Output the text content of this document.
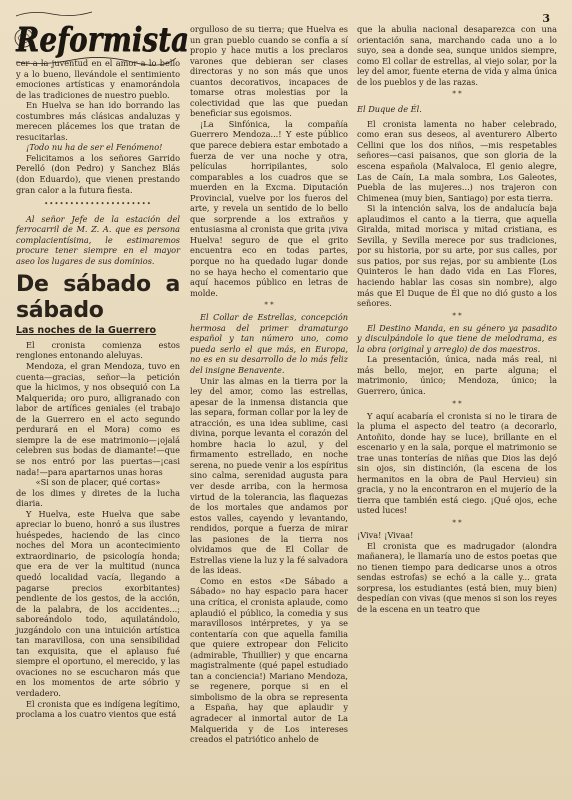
Reformista
3

cer a la juventud en el amor a lo bello y a lo bueno, llevándole el sentimiento emociones artísticas y enamorándola de las tradiciones de nuestro pueblo.

En Huelva se han ido borrando las costumbres más clásicas andaluzas y merecen plácemes los que tratan de resucitarlas.

¡Todo nu ha de ser el Fenómeno!

Felicitamos a los señores Garrido Perelló (don Pedro) y Sanchez Blás (don Eduardo), que vienen prestando gran calor a la futura fiesta.

•••••••••••••••••••••

Al señor Jefe de la estación del ferrocarril de M. Z. A. que es persona complacientísima, le estimaremos procure tener siempre en el mayor aseo los lugares de sus dominios.

De sábado a sábado
Las noches de la Guerrero

El cronista comienza estos renglones entonando aleluyas.

Mendoza, el gran Mendoza, tuvo en cuenta—gracias, señor—la petición que la hicimos, y nos obsequió con La Malquerida; oro puro, alligranado con labor de artífices geniales (el trabajo de la Guerrero en el acto segundo perdurará en el Mora) como es siempre la de ese matrimonio—¡ojalá celebren sus bodas de diamante!—que se nos entró por las puertas—¡casi nada!—para apartarnos unas horas

«Si son de placer, qué cortas»

de los dimes y diretes de la lucha diaria.

Y Huelva, este Huelva que sabe apreciar lo bueno, honró a sus ilustres huéspedes, haciendo de las cinco noches del Mora un acontecimiento extraordinario, de psicología honda; que era de ver la multitud (nunca quedó localidad vacía, llegando a pagarse precios exorbitantes) pendiente de los gestos, de la acción, de la palabra, de los accidentes...; saboreándolo todo, aquilatándolo, juzgándolo con una intuición artística tan maravillosa, con una sensibilidad tan exquisita, que el aplauso fué siempre el oportuno, el merecido, y las ovaciones no se escucharon más que en los momentos de arte sóbrio y verdadero.

El cronista que es indígena legítimo, proclama a los cuatro vientos que está

orgulloso de su tierra; que Huelva es un gran pueblo cuando se confía a sí propio y hace mutis a los preclaros varones que debieran ser clases directoras y no son más que unos cuantos decorativos, incapaces de tomarse otras molestias por la colectividad que las que puedan beneficiar sus egoismos.

¡La Sinfónica, la compañía Guerrero Mendoza...! Y este público que parece debiera estar embotado a fuerza de ver una noche y otra, películas horripilantes, solo comparables a los cuadros que se muerden en la Excma. Diputación Provincial, vuelve por los fueros del arte, y revela un sentido de lo bello que sorprende a los extraños y entusiasma al cronista que grita ¡viva Huelva! seguro de que el grito encuentra eco en todas partes, porque no ha quedado lugar donde no se haya hecho el comentario que aquí hacemos público en letras de molde.

* *

El Collar de Estrellas, concepción hermosa del primer dramaturgo español y tan número uno, como pueda serlo el que más, en Europa, no es en su desarrollo de lo más feliz del insigne Benavente.

Unir las almas en la tierra por la ley del amor, como las estrellas, apesar de la inmensa distancia que las separa, forman collar por la ley de atracción, es una idea sublime, casi divina, porque levanta el corazón del hombre hacia lo azul, y del firmamento estrellado, en noche serena, no puede venir a los espíritus sino calma, serenidad augusta para ver desde arriba, con la hermosa virtud de la tolerancia, las flaquezas de los mortales que andamos por estos valles, cayendo y levantando, rendidos, porque a fuerza de mirar las pasiones de la tierra nos olvidamos que de El Collar de Estrellas viene la luz y la fé salvadora de las ideas.

Como en estos «De Sábado a Sábado» no hay espacio para hacer una crítica, el cronista aplaude, como aplaudió el público, la comedia y sus maravillosos intérpretes, y ya se contentaría con que aquella familia que quiere extropear don Felicito (admirable, Thuillier) y que encarna magistralmente (qué papel estudiado tan a conciencia!) Mariano Mendoza, se regenere, porque si en el simbolismo de la obra se representa a España, hay que aplaudir y agradecer al inmortal autor de La Malquerida y de Los intereses creados el patriótico anhelo de

que la abulia nacional desaparezca con una orientación sana, marchando cada uno a lo suyo, sea a donde sea, sunque unidos siempre, como El collar de estrellas, al viejo solar, por la ley del amor, fuente eterna de vida y alma única de los pueblos y de las razas.

* *

El Duque de Él.

El cronista lamenta no haber celebrado, como eran sus deseos, al aventurero Alberto Cellini que los dos niños, —mis respetables señores—casi paisanos, que son gloria de la escena española (Malvaloca, El genio alegre, Las de Caín, La mala sombra, Los Galeotes, Puebla de las mujeres...) nos trajeron con Chimenea (muy bien, Santiago) por esta tierra.

Si la intención salva, los de andalucía baja aplaudimos el canto a la tierra, que aquella Giralda, mitad morisca y mitad cristiana, es Sevilla, y Sevilla merece por sus tradiciones, por su historia, por su arte, por sus calles, por sus patios, por sus rejas, por su ambiente (Los Quinteros le han dado vida en Las Flores, haciendo hablar las cosas sin nombre), algo más que El Duque de Él que no dió gusto a los señores.

* *

El Destino Manda, en su género ya pasadito y disculpándole lo que tiene de melodrama, es la obra (original y arreglo) de dos maestros.

La presentación, única, nada más real, ni más bello, mejor, en parte alguna; el matrimonio, único; Mendoza, único; la Guerrero, única.

* *

Y aquí acabaría el cronista si no le tirara de la pluma el aspecto del teatro (a decorarlo, Antoñito, donde hay se luce), brillante en el escenario y en la sala, porque el matrimonio se trae unas tonterías de niñas que Dios las dejó sin ojos, sin distinción, (la escena de los hermanitos en la obra de Paul Hervieu) sin gracia, y no la encontraron en el mujerío de la tierra que también está ciego. ¡Qué ojos, eche usted luces!

* *

¡Viva! ¡Vivaa!

El cronista que es madrugador (alondra mañanera), le llamaría uno de estos poetas que no tienen tiempo para dedicarse unos a otros sendas estrofas) se echó a la calle y... grata sorpresa, los estudiantes (está bien, muy bien) despedían con vivas (que menos si son los reyes de la escena en un teatro que
